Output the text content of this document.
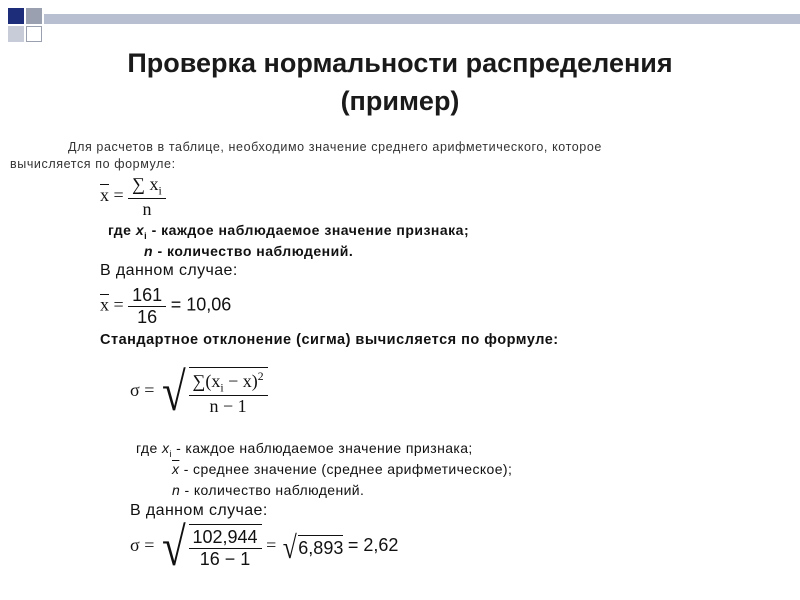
Проверка нормальности распределения
(пример)
Для расчетов в таблице, необходимо значение среднего арифметического, которое
вычисляется по формуле:
$\overline{x} = \frac{\sum x_i}{n}$
где $x_i$ - каждое наблюдаемое значение признака;
n - количество наблюдений.
В данном случае:
$\overline{x} = \frac{161}{16} = 10,06$
Стандартное отклонение (сигма) вычисляется по формуле:
σ = √ $\frac{\sum(x_i - x)^2}{n - 1}$
где $x_i$ - каждое наблюдаемое значение признака;
$\overline{x}$ - среднее значение (среднее арифметическое);
n - количество наблюдений.
В данном случае:
σ = √ $\frac{102,944}{16 - 1}$ = √ 6,893 = 2,62
